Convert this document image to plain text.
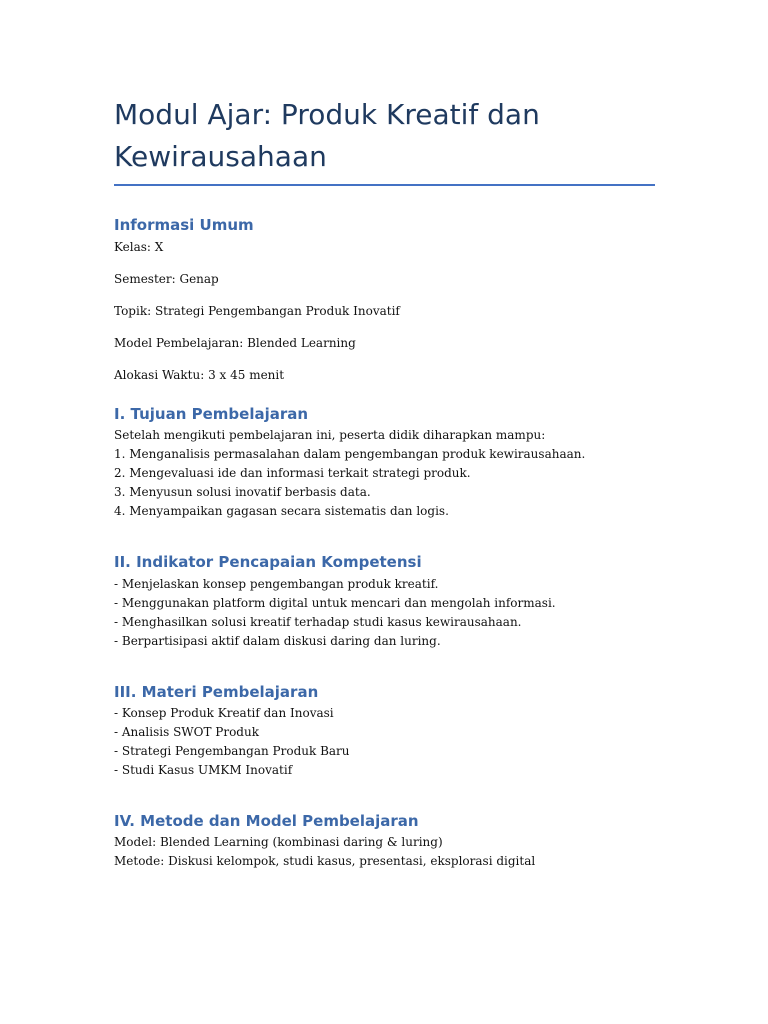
Modul Ajar: Produk Kreatif dan Kewirausahaan
Informasi Umum

Kelas: X

Semester: Genap

Topik: Strategi Pengembangan Produk Inovatif

Model Pembelajaran: Blended Learning

Alokasi Waktu: 3 x 45 menit

I. Tujuan Pembelajaran

Setelah mengikuti pembelajaran ini, peserta didik diharapkan mampu:

1. Menganalisis permasalahan dalam pengembangan produk kewirausahaan.

2. Mengevaluasi ide dan informasi terkait strategi produk.

3. Menyusun solusi inovatif berbasis data.

4. Menyampaikan gagasan secara sistematis dan logis.

II. Indikator Pencapaian Kompetensi

- Menjelaskan konsep pengembangan produk kreatif.

- Menggunakan platform digital untuk mencari dan mengolah informasi.

- Menghasilkan solusi kreatif terhadap studi kasus kewirausahaan.

- Berpartisipasi aktif dalam diskusi daring dan luring.

III. Materi Pembelajaran

- Konsep Produk Kreatif dan Inovasi

- Analisis SWOT Produk

- Strategi Pengembangan Produk Baru

- Studi Kasus UMKM Inovatif

IV. Metode dan Model Pembelajaran

Model: Blended Learning (kombinasi daring & luring)

Metode: Diskusi kelompok, studi kasus, presentasi, eksplorasi digital
